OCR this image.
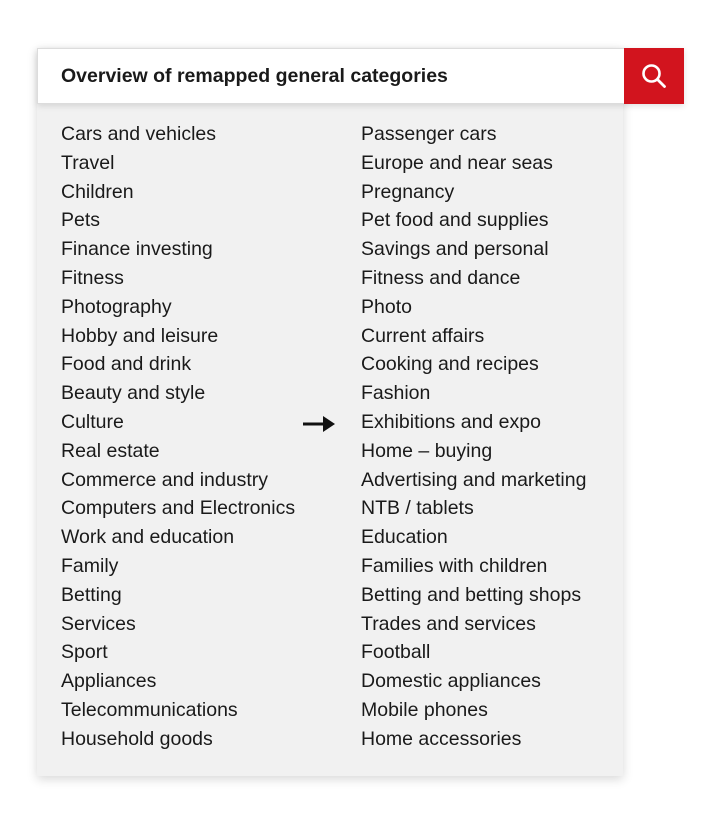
Overview of remapped general categories
Cars and vehicles
Travel
Children
Pets
Finance investing
Fitness
Photography
Hobby and leisure
Food and drink
Beauty and style
Culture
Real estate
Commerce and industry
Computers and Electronics
Work and education
Family
Betting
Services
Sport
Appliances
Telecommunications
Household goods
Passenger cars
Europe and near seas
Pregnancy
Pet food and supplies
Savings and personal
Fitness and dance
Photo
Current affairs
Cooking and recipes
Fashion
Exhibitions and expo
Home – buying
Advertising and marketing
NTB / tablets
Education
Families with children
Betting and betting shops
Trades and services
Football
Domestic appliances
Mobile phones
Home accessories
